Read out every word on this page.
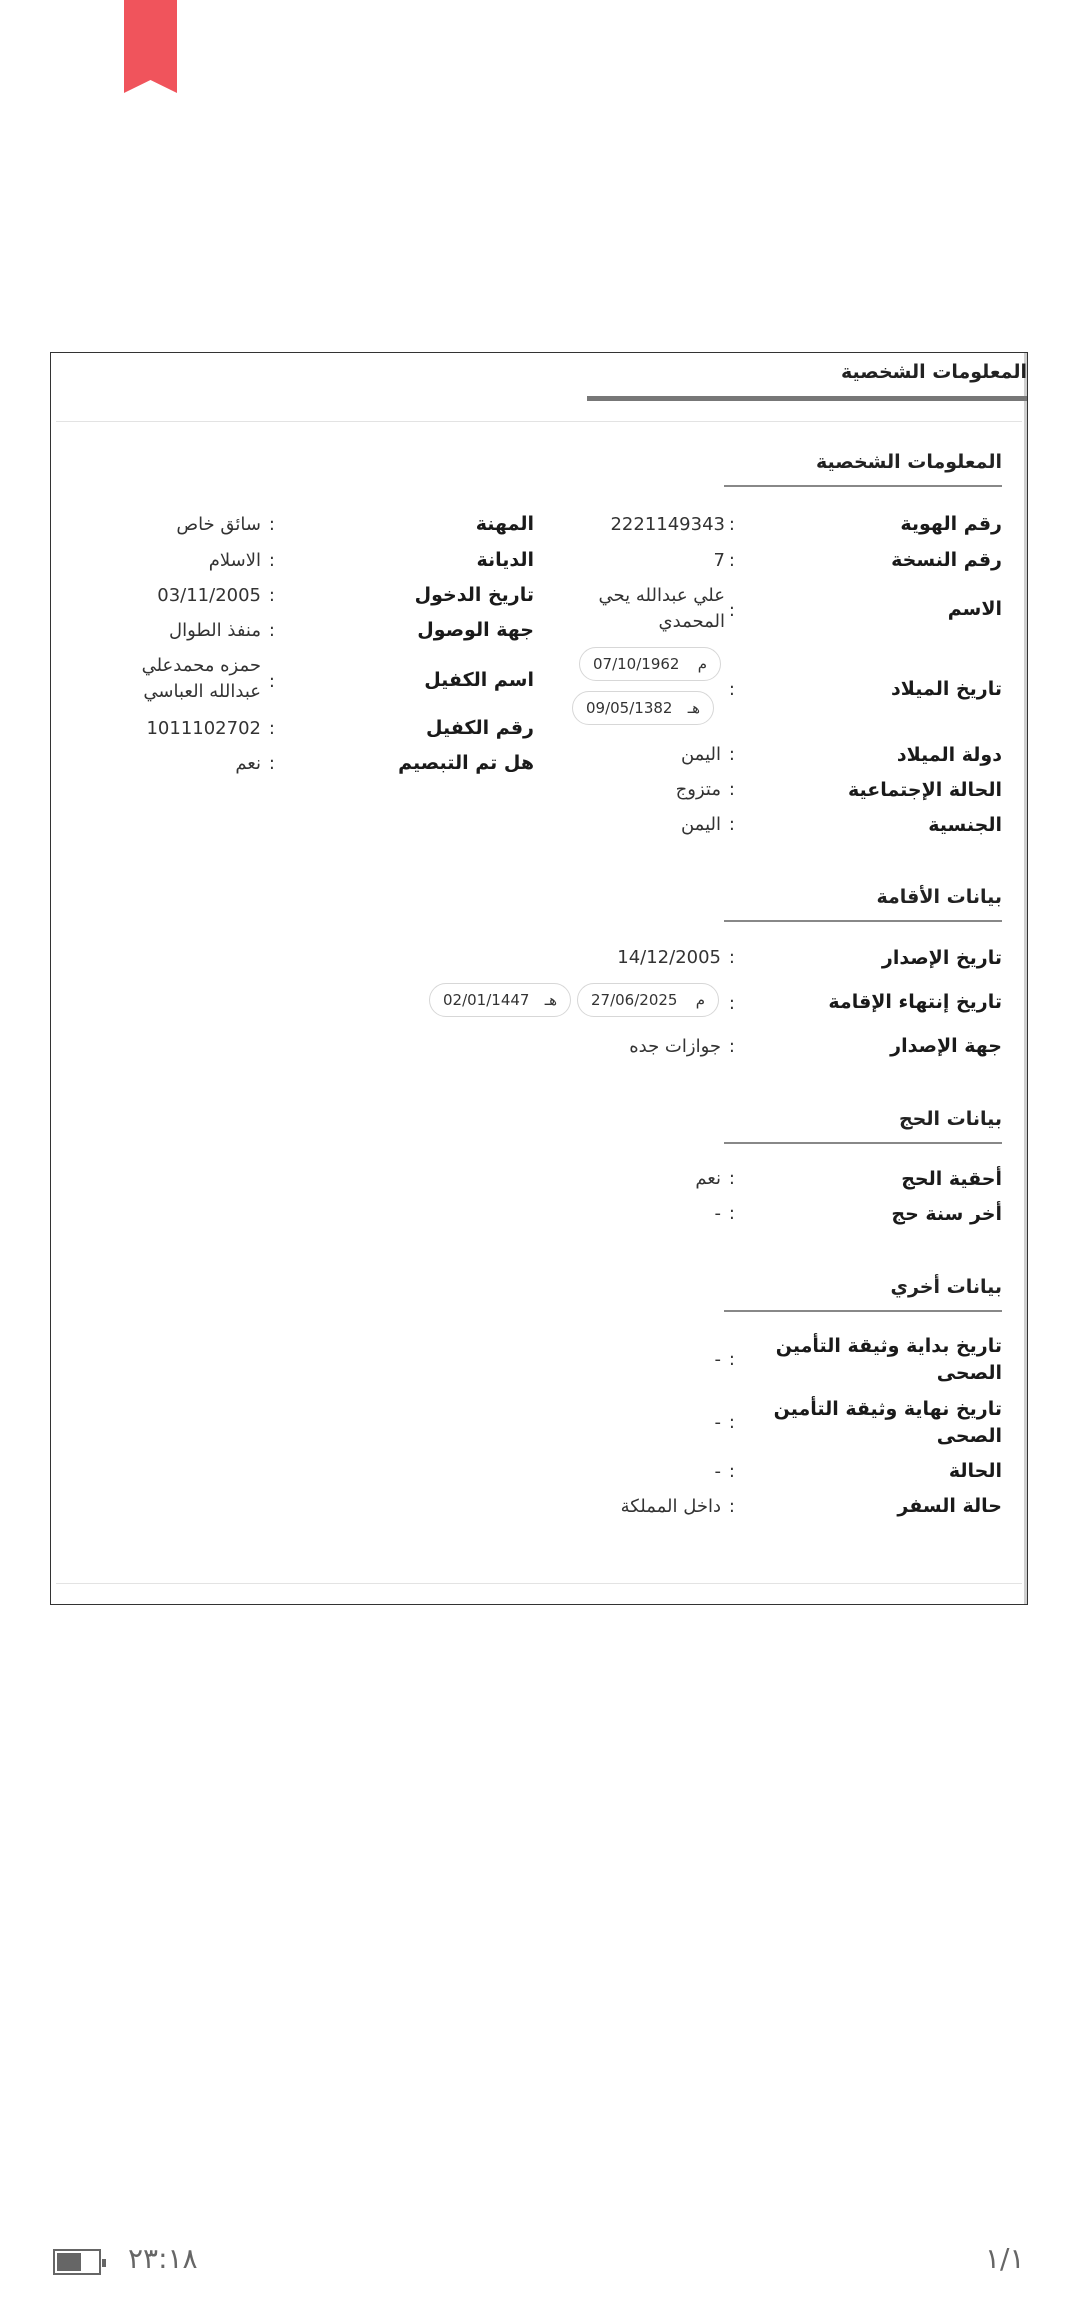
المعلومات الشخصية
المعلومات الشخصية
رقم الهوية
:
2221149343
رقم النسخة
:
7
الاسم
:
علي عبدالله يحي المحمدي
تاريخ الميلاد
:
م
07/10/1962
هـ
09/05/1382
دولة الميلاد
:
اليمن
الحالة الإجتماعية
:
متزوج
الجنسية
:
اليمن
المهنة
:
سائق خاص
الديانة
:
الاسلام
تاريخ الدخول
:
03/11/2005
جهة الوصول
:
منفذ الطوال
اسم الكفيل
:
حمزه محمدعلي عبدالله العباسي
رقم الكفيل
:
1011102702
هل تم التبصيم
:
نعم
بيانات الأقامة
تاريخ الإصدار
:
14/12/2005
تاريخ إنتهاء الإقامة
:
م
27/06/2025
هـ
02/01/1447
جهة الإصدار
:
جوازات جده
بيانات الحج
أحقية الحج
:
نعم
أخر سنة حج
:
-
بيانات أخري
تاريخ بداية وثيقة التأمين الصحى
:
-
تاريخ نهاية وثيقة التأمين الصحى
:
-
الحالة
:
-
حالة السفر
:
داخل المملكة
٢٣:١٨	١/١
